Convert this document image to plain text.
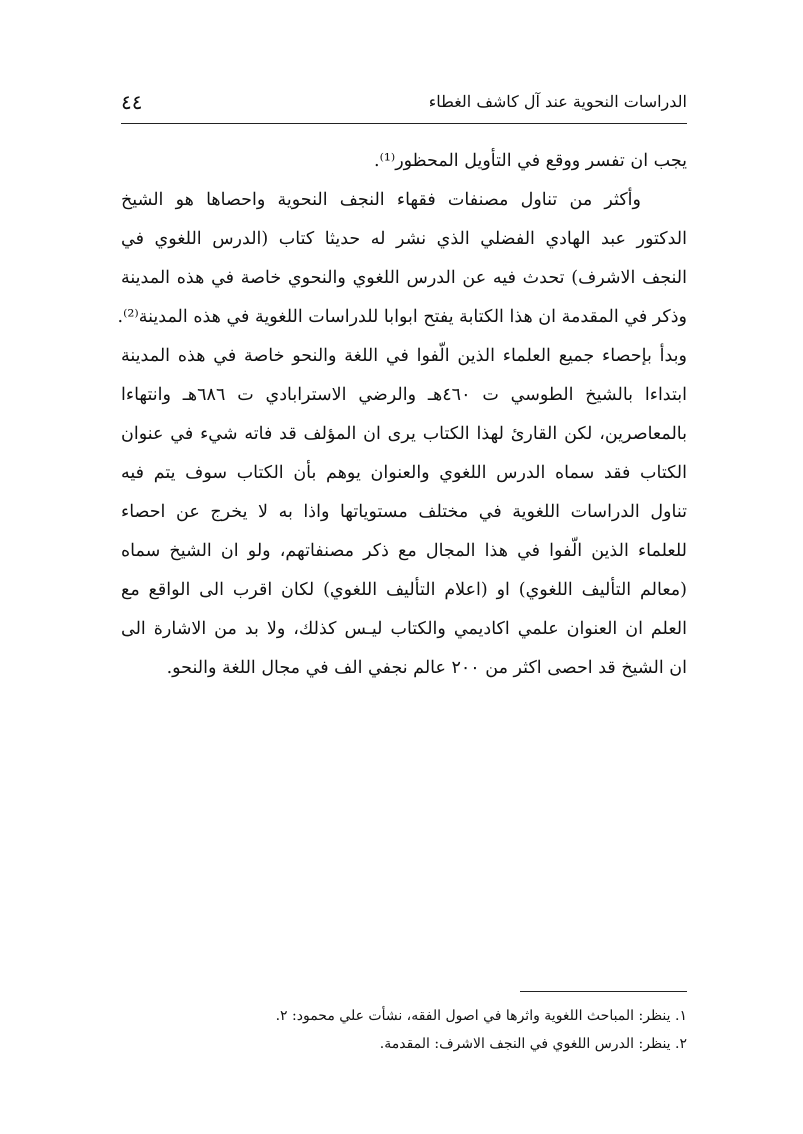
الدراسات النحوية عند آل كاشف الغطاء
٤٤
يجب ان تفسر ووقع في التأويل المحظور⁽¹⁾.
وأكثر من تناول مصنفات فقهاء النجف النحوية واحصاها هو الشيخ
الدكتور عبد الهادي الفضلي الذي نشر له حديثا كتاب (الدرس اللغوي في
النجف الاشرف) تحدث فيه عن الدرس اللغوي والنحوي خاصة في هذه المدينة
وذكر في المقدمة ان هذا الكتابة يفتح ابوابا للدراسات اللغوية في هذه المدينة⁽²⁾.
وبدأ بإحصاء جميع العلماء الذين الّفوا في اللغة والنحو خاصة في هذه المدينة
ابتداءا بالشيخ الطوسي ت ٤٦٠هـ والرضي الاسترابادي ت ٦٨٦هـ وانتهاءا
بالمعاصرين، لكن القارئ لهذا الكتاب يرى ان المؤلف قد فاته شيء في عنوان
الكتاب فقد سماه الدرس اللغوي والعنوان يوهم بأن الكتاب سوف يتم فيه
تناول الدراسات اللغوية في مختلف مستوياتها واذا به لا يخرج عن احصاء
للعلماء الذين الّفوا في هذا المجال مع ذكر مصنفاتهم، ولو ان الشيخ سماه
(معالم التأليف اللغوي) او (اعلام التأليف اللغوي) لكان اقرب الى الواقع مع
العلم ان العنوان علمي اكاديمي والكتاب ليـس كذلك، ولا بد من الاشارة الى
ان الشيخ قد احصى اكثر من ٢٠٠ عالم نجفي الف في مجال اللغة والنحو.
١. ينظر: المباحث اللغوية واثرها في اصول الفقه، نشأت علي محمود: ٢.
٢. ينظر: الدرس اللغوي في النجف الاشرف: المقدمة.
